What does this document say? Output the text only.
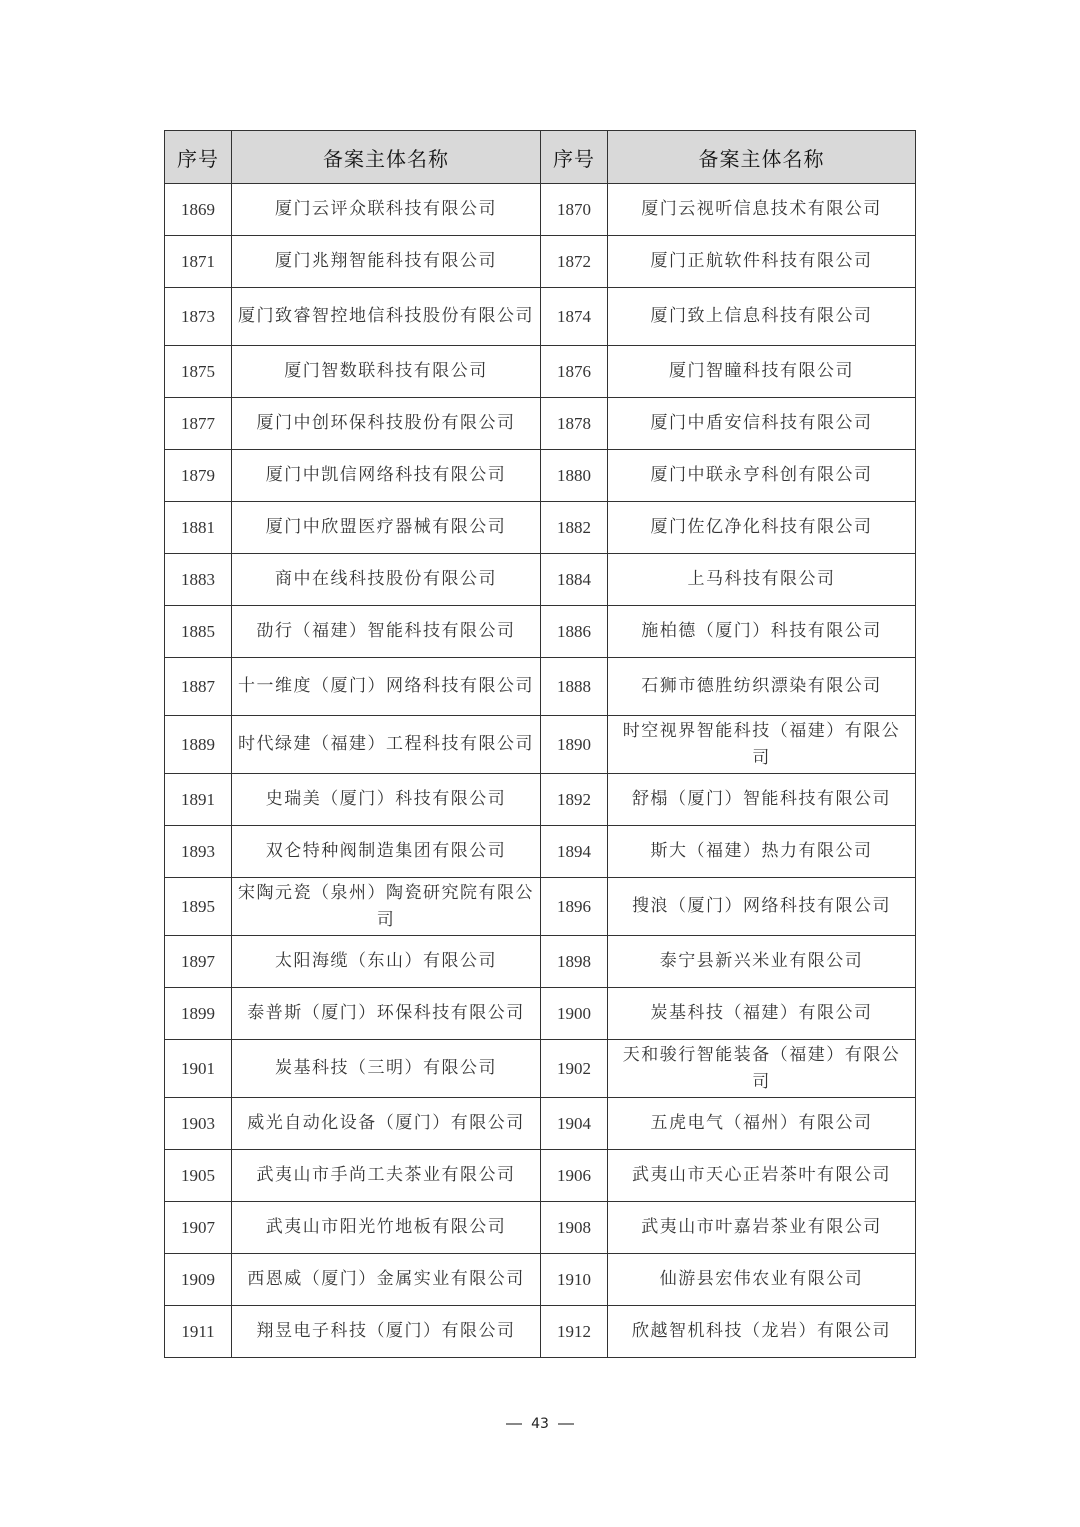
序号	备案主体名称	序号	备案主体名称
1869	厦门云评众联科技有限公司	1870	厦门云视听信息技术有限公司
1871	厦门兆翔智能科技有限公司	1872	厦门正航软件科技有限公司
1873	厦门致睿智控地信科技股份有限公司	1874	厦门致上信息科技有限公司
1875	厦门智数联科技有限公司	1876	厦门智瞳科技有限公司
1877	厦门中创环保科技股份有限公司	1878	厦门中盾安信科技有限公司
1879	厦门中凯信网络科技有限公司	1880	厦门中联永亨科创有限公司
1881	厦门中欣盟医疗器械有限公司	1882	厦门佐亿净化科技有限公司
1883	商中在线科技股份有限公司	1884	上马科技有限公司
1885	劭行（福建）智能科技有限公司	1886	施柏德（厦门）科技有限公司
1887	十一维度（厦门）网络科技有限公司	1888	石狮市德胜纺织漂染有限公司
1889	时代绿建（福建）工程科技有限公司	1890	时空视界智能科技（福建）有限公司
1891	史瑞美（厦门）科技有限公司	1892	舒榻（厦门）智能科技有限公司
1893	双仑特种阀制造集团有限公司	1894	斯大（福建）热力有限公司
1895	宋陶元瓷（泉州）陶瓷研究院有限公司	1896	搜浪（厦门）网络科技有限公司
1897	太阳海缆（东山）有限公司	1898	泰宁县新兴米业有限公司
1899	泰普斯（厦门）环保科技有限公司	1900	炭基科技（福建）有限公司
1901	炭基科技（三明）有限公司	1902	天和骏行智能装备（福建）有限公司
1903	威光自动化设备（厦门）有限公司	1904	五虎电气（福州）有限公司
1905	武夷山市手尚工夫茶业有限公司	1906	武夷山市天心正岩茶叶有限公司
1907	武夷山市阳光竹地板有限公司	1908	武夷山市叶嘉岩茶业有限公司
1909	西恩威（厦门）金属实业有限公司	1910	仙游县宏伟农业有限公司
1911	翔昱电子科技（厦门）有限公司	1912	欣越智机科技（龙岩）有限公司
43
